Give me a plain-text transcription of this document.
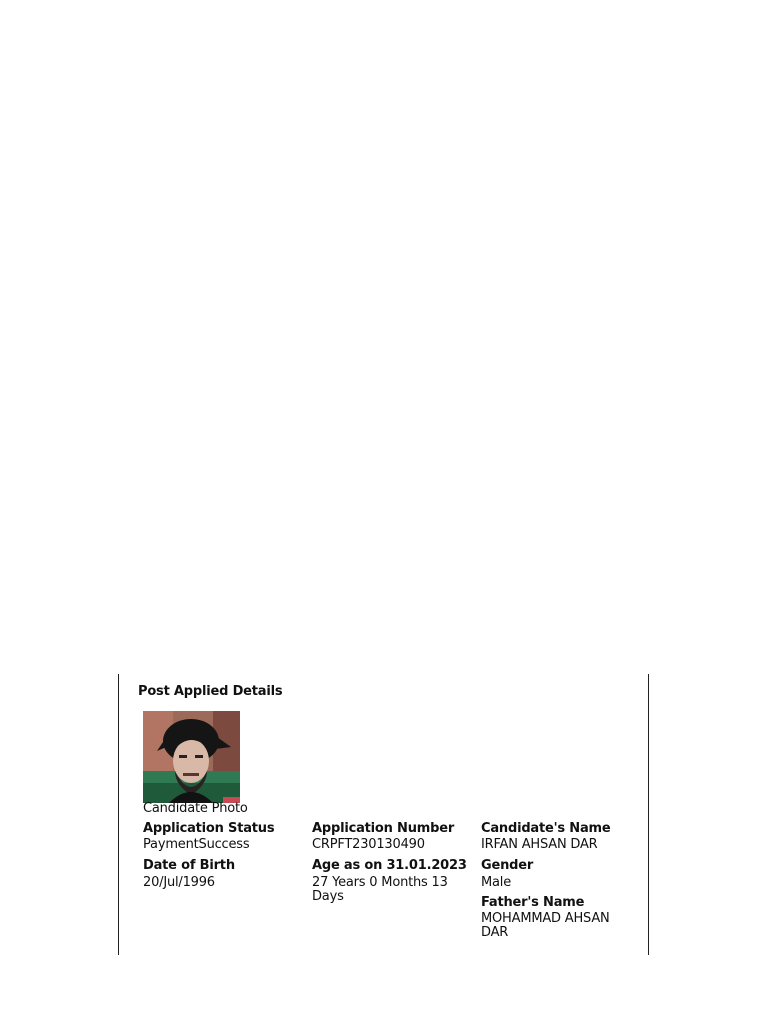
Post Applied Details
Candidate Photo
Application Status
PaymentSuccess
Application Number
CRPFT230130490
Candidate's Name
IRFAN AHSAN DAR
Date of Birth
20/Jul/1996
Age as on 31.01.2023
27 Years 0 Months 13 Days
Gender
Male
Father's Name
MOHAMMAD AHSAN DAR
